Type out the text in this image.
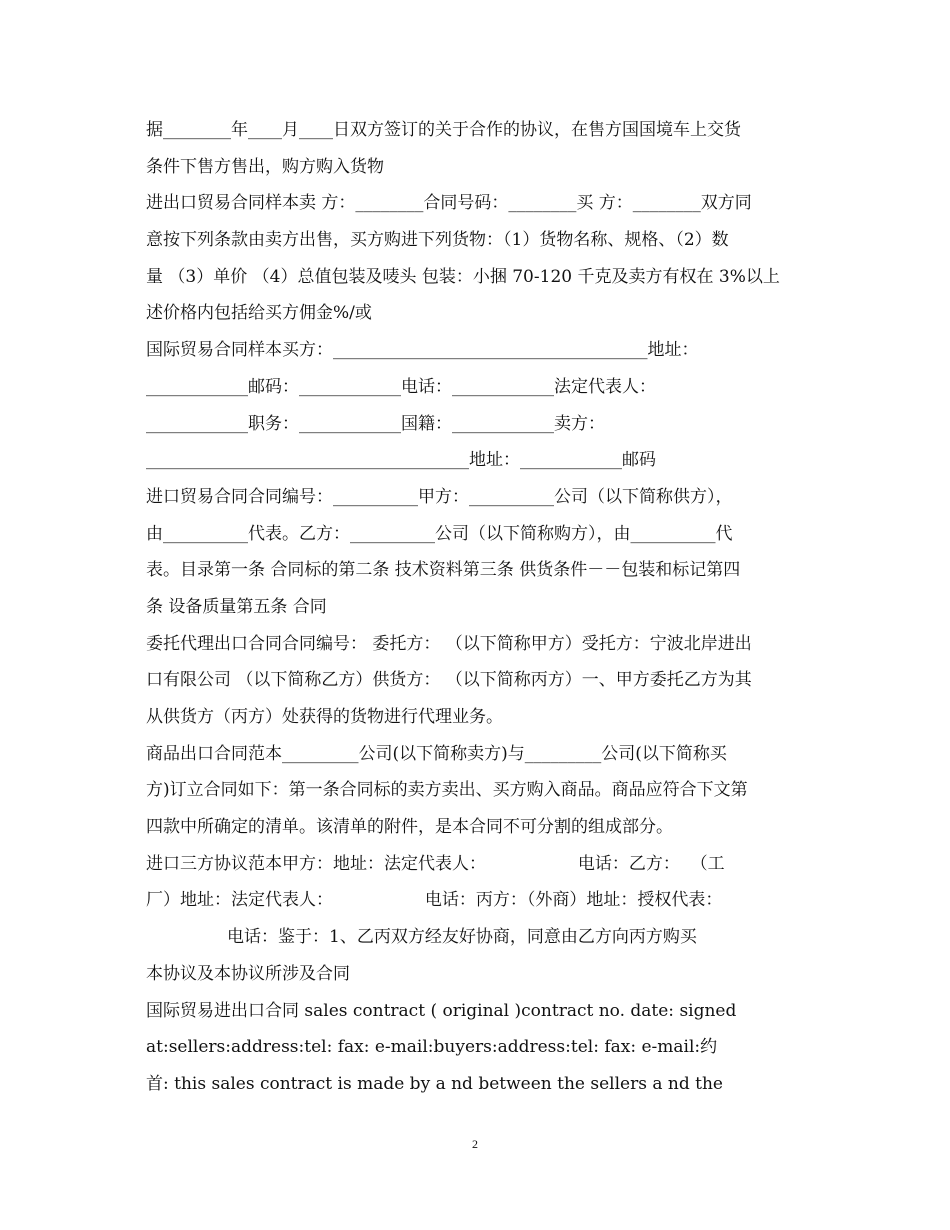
据________年____月____日双方签订的关于合作的协议，在售方国国境车上交货
条件下售方售出，购方购入货物
进出口贸易合同样本卖 方：________合同号码：________买 方：________双方同
意按下列条款由卖方出售，买方购进下列货物：（1）货物名称、规格、（2）数
量 （3）单价 （4）总值包装及唛头 包装：小捆 70-120 千克及卖方有权在 3%以上
述价格内包括给买方佣金%/或
国际贸易合同样本买方：_____________________________________地址：
____________邮码：____________电话：____________法定代表人：
____________职务：____________国籍：____________卖方：
______________________________________地址：____________邮码
进口贸易合同合同编号：__________甲方：__________公司（以下简称供方），
由__________代表。乙方：__________公司（以下简称购方），由__________代
表。目录第一条 合同标的第二条 技术资料第三条 供货条件－－包装和标记第四
条 设备质量第五条 合同
委托代理出口合同合同编号： 委托方： （以下简称甲方）受托方：宁波北岸进出
口有限公司 （以下简称乙方）供货方： （以下简称丙方）一、甲方委托乙方为其
从供货方（丙方）处获得的货物进行代理业务。
商品出口合同范本_________公司(以下简称卖方)与_________公司(以下简称买
方)订立合同如下：第一条合同标的卖方卖出、买方购入商品。商品应符合下文第
四款中所确定的清单。该清单的附件，是本合同不可分割的组成部分。
进口三方协议范本甲方：地址：法定代表人：                 电话：乙方：  （工
厂）地址：法定代表人：                 电话：丙方：（外商）地址：授权代表：
电话：鉴于：1、乙丙双方经友好协商，同意由乙方向丙方购买
本协议及本协议所涉及合同
国际贸易进出口合同 sales contract ( original )contract no. date: signed
at:sellers:address:tel: fax: e-mail:buyers:address:tel: fax: e-mail:约
首: this sales contract is made by a nd between the sellers a nd the
2
